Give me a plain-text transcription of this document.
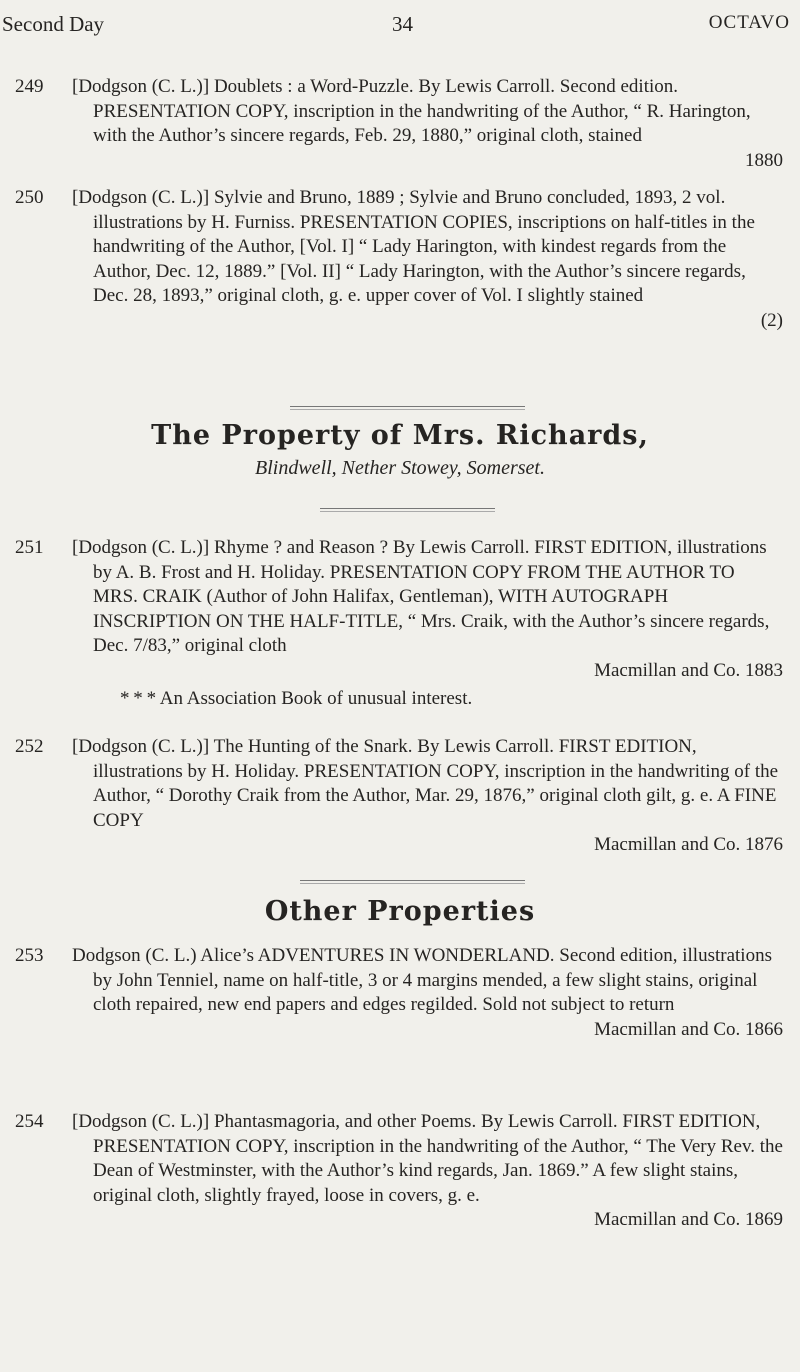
Second Day	34	OCTAVO
249	[Dodgson (C. L.)] Doublets : a Word-Puzzle. By Lewis Carroll. Second edition. PRESENTATION COPY, inscription in the handwriting of the Author, “ R. Harington, with the Author’s sincere regards, Feb. 29, 1880,” original cloth, stained
1880
250	[Dodgson (C. L.)] Sylvie and Bruno, 1889 ; Sylvie and Bruno concluded, 1893, 2 vol. illustrations by H. Furniss. PRESENTATION COPIES, inscriptions on half-titles in the handwriting of the Author, [Vol. I] “ Lady Harington, with kindest regards from the Author, Dec. 12, 1889.” [Vol. II] “ Lady Harington, with the Author’s sincere regards, Dec. 28, 1893,” original cloth, g. e. upper cover of Vol. I slightly stained
(2)
The Property of Mrs. Richards,
Blindwell, Nether Stowey, Somerset.
251	[Dodgson (C. L.)] Rhyme ? and Reason ? By Lewis Carroll. FIRST EDITION, illustrations by A. B. Frost and H. Holiday. PRESENTATION COPY FROM THE AUTHOR TO MRS. CRAIK (Author of John Halifax, Gentleman), WITH AUTOGRAPH INSCRIPTION ON THE HALF-TITLE, “ Mrs. Craik, with the Author’s sincere regards, Dec. 7/83,” original cloth
Macmillan and Co. 1883
* * * An Association Book of unusual interest.
252	[Dodgson (C. L.)] The Hunting of the Snark. By Lewis Carroll. FIRST EDITION, illustrations by H. Holiday. PRESENTATION COPY, inscription in the handwriting of the Author, “ Dorothy Craik from the Author, Mar. 29, 1876,” original cloth gilt, g. e. A FINE COPY
Macmillan and Co. 1876
Other Properties
253	Dodgson (C. L.) Alice’s ADVENTURES IN WONDERLAND. Second edition, illustrations by John Tenniel, name on half-title, 3 or 4 margins mended, a few slight stains, original cloth repaired, new end papers and edges regilded. Sold not subject to return
Macmillan and Co. 1866
254	[Dodgson (C. L.)] Phantasmagoria, and other Poems. By Lewis Carroll. FIRST EDITION, PRESENTATION COPY, inscription in the handwriting of the Author, “ The Very Rev. the Dean of Westminster, with the Author’s kind regards, Jan. 1869.” A few slight stains, original cloth, slightly frayed, loose in covers, g. e.
Macmillan and Co. 1869
